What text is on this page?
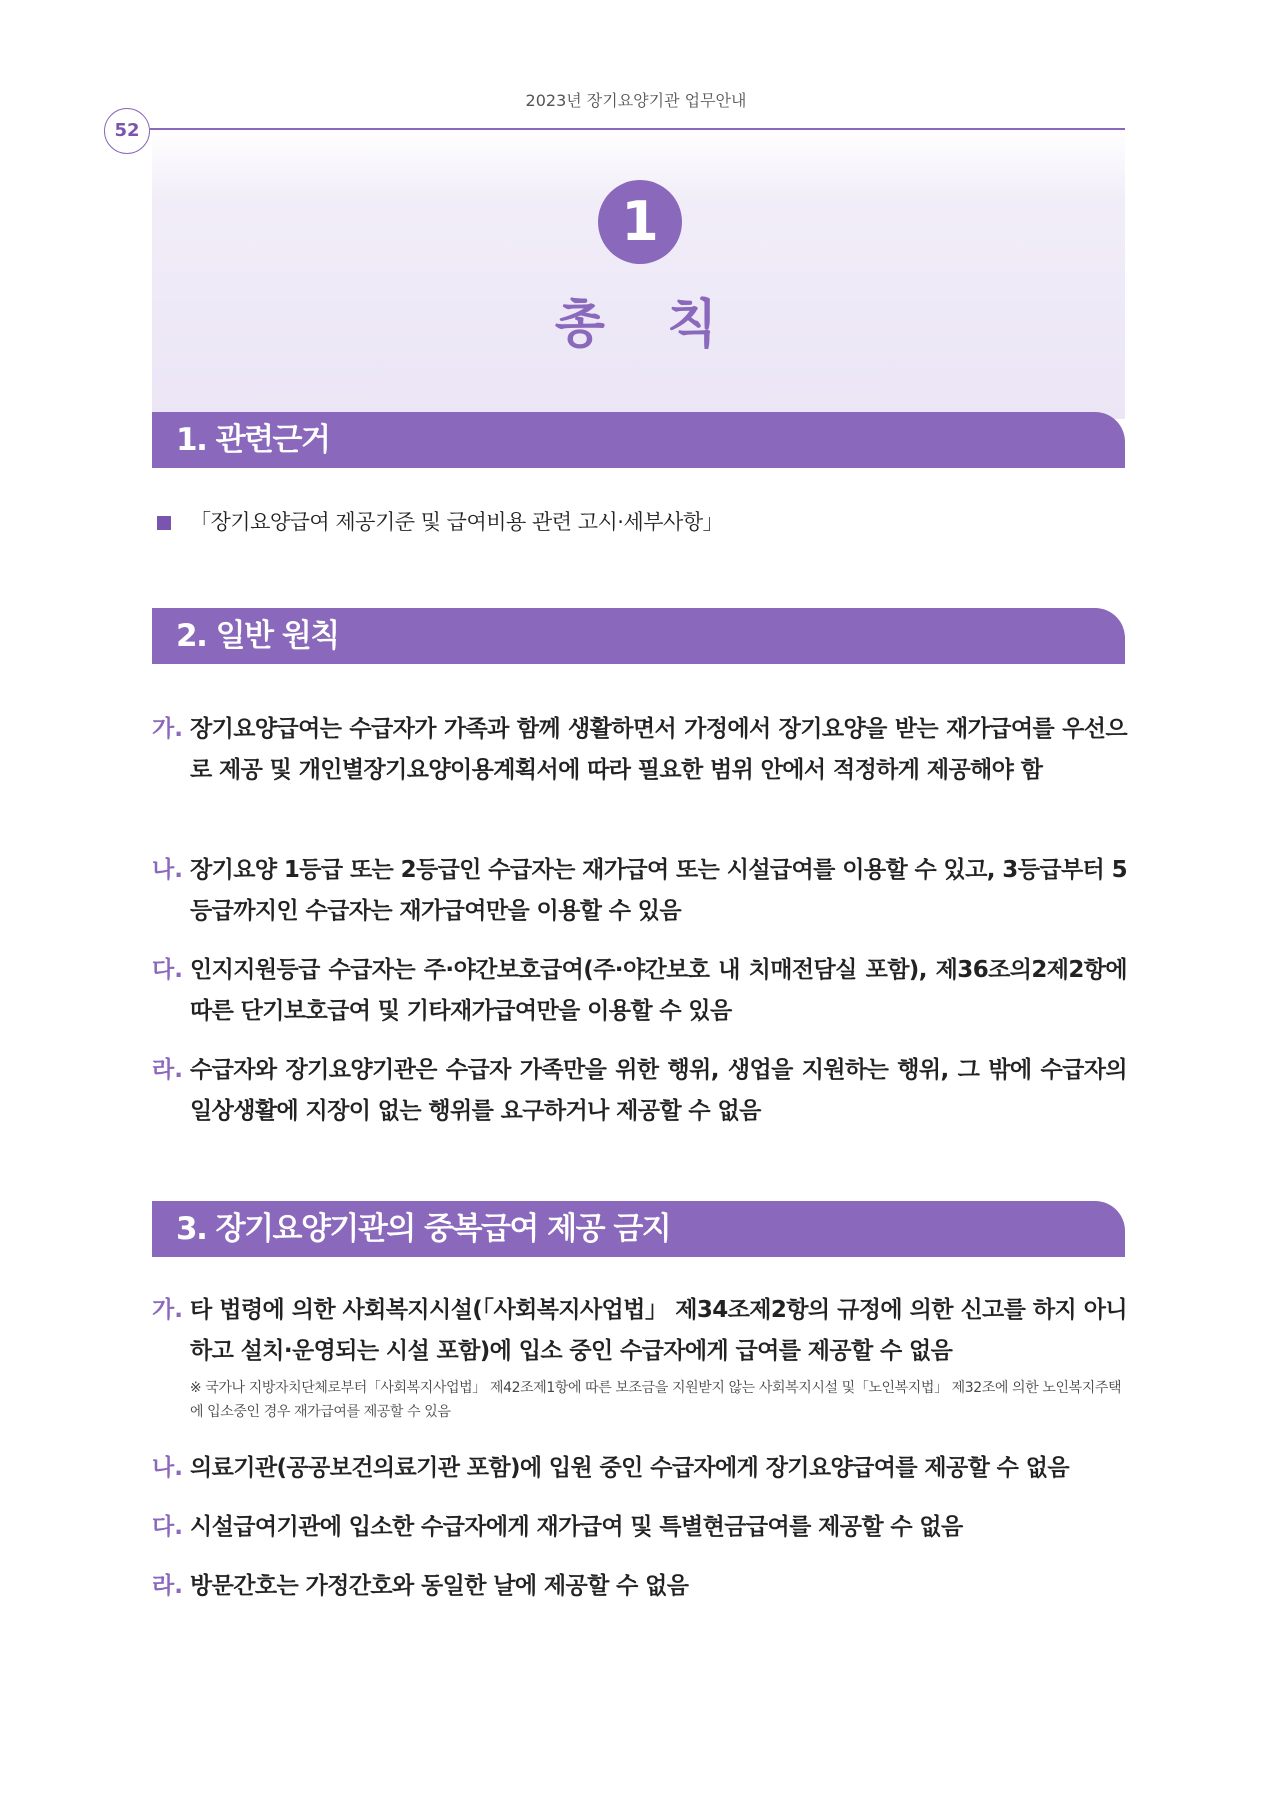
2023년 장기요양기관 업무안내
52
1
총 칙
1. 관련근거
「장기요양급여 제공기준 및 급여비용 관련 고시·세부사항」
2. 일반 원칙
가. 장기요양급여는 수급자가 가족과 함께 생활하면서 가정에서 장기요양을 받는 재가급여를 우선으로 제공 및 개인별장기요양이용계획서에 따라 필요한 범위 안에서 적정하게 제공해야 함
나. 장기요양 1등급 또는 2등급인 수급자는 재가급여 또는 시설급여를 이용할 수 있고, 3등급부터 5등급까지인 수급자는 재가급여만을 이용할 수 있음
다. 인지지원등급 수급자는 주·야간보호급여(주·야간보호 내 치매전담실 포함), 제36조의2제2항에 따른 단기보호급여 및 기타재가급여만을 이용할 수 있음
라. 수급자와 장기요양기관은 수급자 가족만을 위한 행위, 생업을 지원하는 행위, 그 밖에 수급자의 일상생활에 지장이 없는 행위를 요구하거나 제공할 수 없음
3. 장기요양기관의 중복급여 제공 금지
가. 타 법령에 의한 사회복지시설(「사회복지사업법」 제34조제2항의 규정에 의한 신고를 하지 아니하고 설치·운영되는 시설 포함)에 입소 중인 수급자에게 급여를 제공할 수 없음
※ 국가나 지방자치단체로부터「사회복지사업법」 제42조제1항에 따른 보조금을 지원받지 않는 사회복지시설 및「노인복지법」 제32조에 의한 노인복지주택에 입소중인 경우 재가급여를 제공할 수 있음
나. 의료기관(공공보건의료기관 포함)에 입원 중인 수급자에게 장기요양급여를 제공할 수 없음
다. 시설급여기관에 입소한 수급자에게 재가급여 및 특별현금급여를 제공할 수 없음
라. 방문간호는 가정간호와 동일한 날에 제공할 수 없음
